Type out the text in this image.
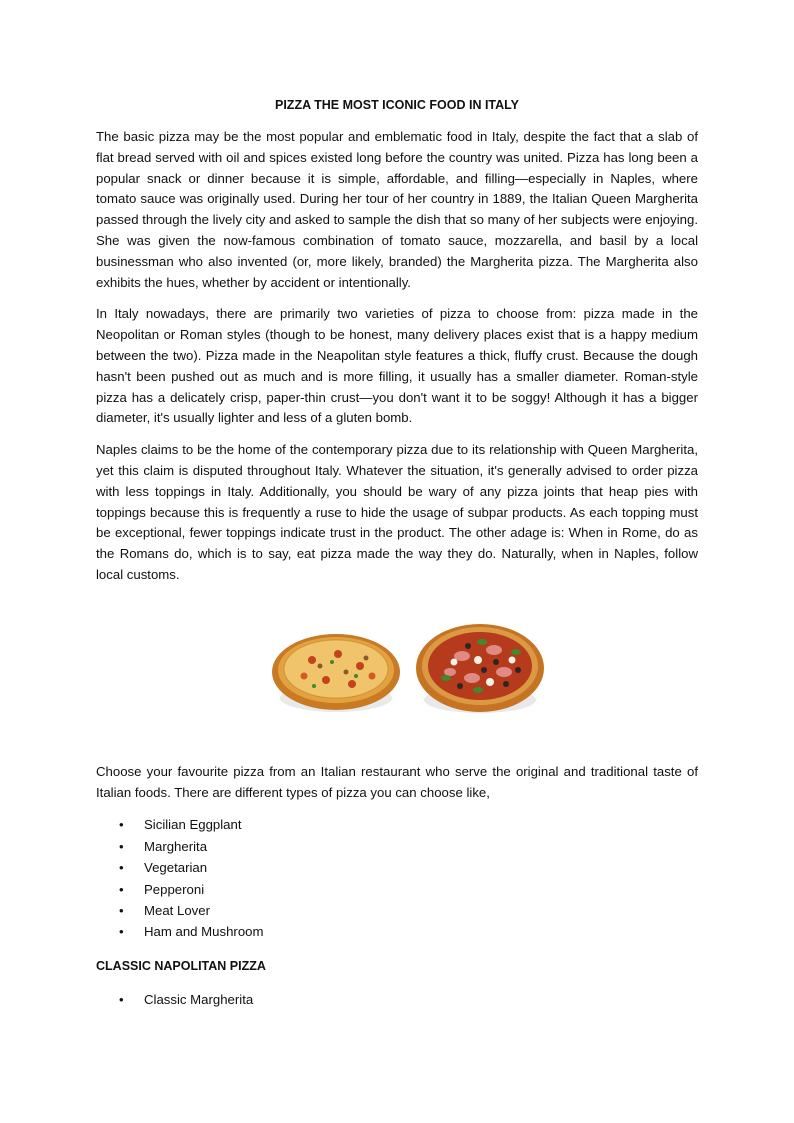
PIZZA THE MOST ICONIC FOOD IN ITALY

The basic pizza may be the most popular and emblematic food in Italy, despite the fact that a slab of flat bread served with oil and spices existed long before the country was united. Pizza has long been a popular snack or dinner because it is simple, affordable, and filling—especially in Naples, where tomato sauce was originally used. During her tour of her country in 1889, the Italian Queen Margherita passed through the lively city and asked to sample the dish that so many of her subjects were enjoying. She was given the now-famous combination of tomato sauce, mozzarella, and basil by a local businessman who also invented (or, more likely, branded) the Margherita pizza. The Margherita also exhibits the hues, whether by accident or intentionally.

In Italy nowadays, there are primarily two varieties of pizza to choose from: pizza made in the Neopolitan or Roman styles (though to be honest, many delivery places exist that is a happy medium between the two). Pizza made in the Neapolitan style features a thick, fluffy crust. Because the dough hasn't been pushed out as much and is more filling, it usually has a smaller diameter. Roman-style pizza has a delicately crisp, paper-thin crust—you don't want it to be soggy! Although it has a bigger diameter, it's usually lighter and less of a gluten bomb.

Naples claims to be the home of the contemporary pizza due to its relationship with Queen Margherita, yet this claim is disputed throughout Italy. Whatever the situation, it's generally advised to order pizza with less toppings in Italy. Additionally, you should be wary of any pizza joints that heap pies with toppings because this is frequently a ruse to hide the usage of subpar products. As each topping must be exceptional, fewer toppings indicate trust in the product. The other adage is: When in Rome, do as the Romans do, which is to say, eat pizza made the way they do. Naturally, when in Naples, follow local customs.

Choose your favourite pizza from an Italian restaurant who serve the original and traditional taste of Italian foods. There are different types of pizza you can choose like,

• Sicilian Eggplant
• Margherita
• Vegetarian
• Pepperoni
• Meat Lover
• Ham and Mushroom
CLASSIC NAPOLITAN PIZZA
• Classic Margherita
